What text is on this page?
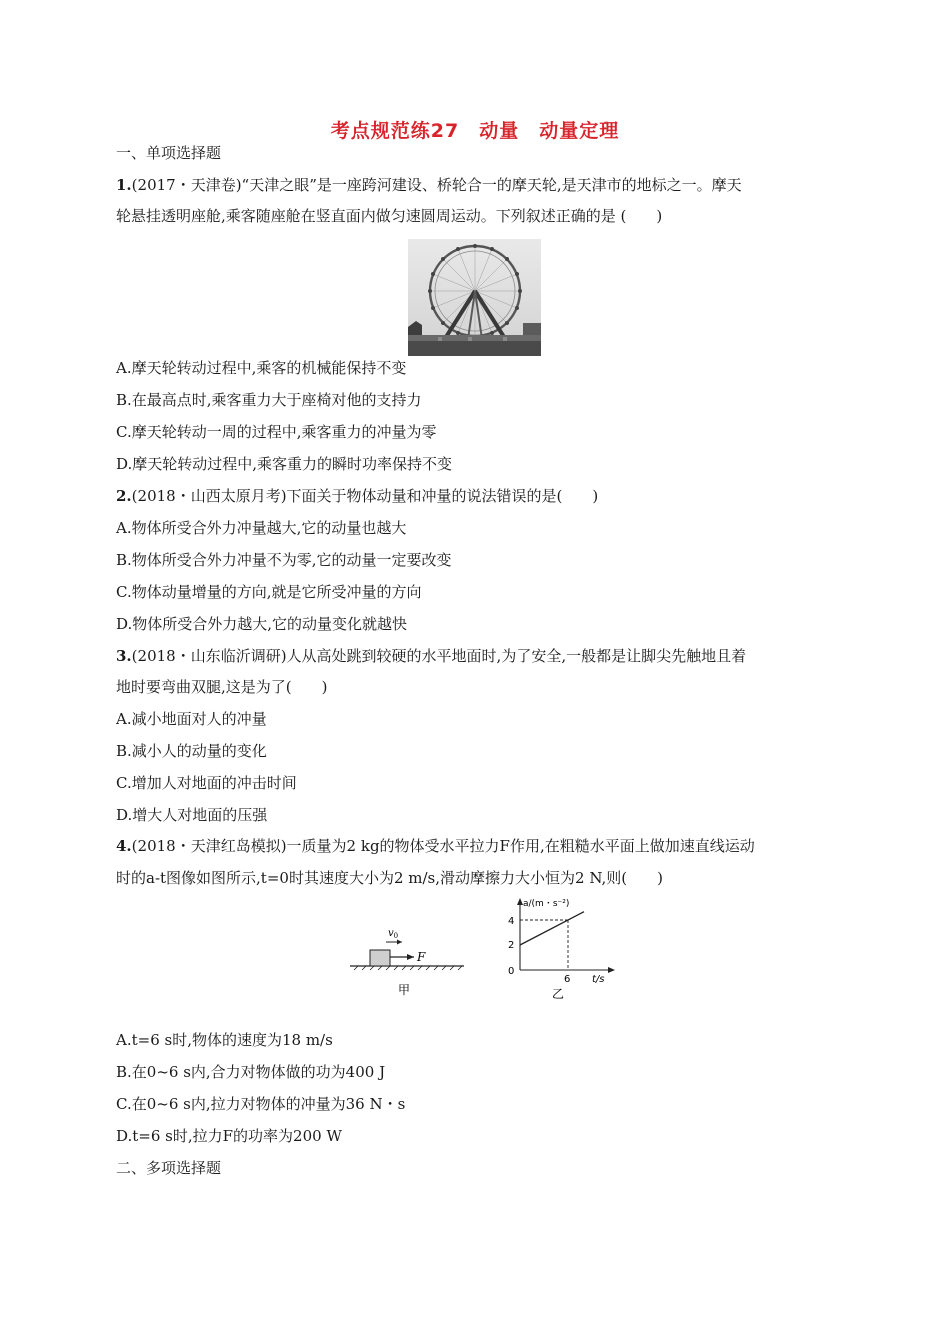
考点规范练27　动量　动量定理
一、单项选择题
1.(2017・天津卷)“天津之眼”是一座跨河建设、桥轮合一的摩天轮,是天津市的地标之一。摩天
轮悬挂透明座舱,乘客随座舱在竖直面内做匀速圆周运动。下列叙述正确的是 (　　)
A.摩天轮转动过程中,乘客的机械能保持不变
B.在最高点时,乘客重力大于座椅对他的支持力
C.摩天轮转动一周的过程中,乘客重力的冲量为零
D.摩天轮转动过程中,乘客重力的瞬时功率保持不变
2.(2018・山西太原月考)下面关于物体动量和冲量的说法错误的是(　　)
A.物体所受合外力冲量越大,它的动量也越大
B.物体所受合外力冲量不为零,它的动量一定要改变
C.物体动量增量的方向,就是它所受冲量的方向
D.物体所受合外力越大,它的动量变化就越快
3.(2018・山东临沂调研)人从高处跳到较硬的水平地面时,为了安全,一般都是让脚尖先触地且着
地时要弯曲双腿,这是为了(　　)
A.减小地面对人的冲量
B.减小人的动量的变化
C.增加人对地面的冲击时间
D.增大人对地面的压强
4.(2018・天津红岛模拟)一质量为2 kg的物体受水平拉力F作用,在粗糙水平面上做加速直线运动
时的a-t图像如图所示,t=0时其速度大小为2 m/s,滑动摩擦力大小恒为2 N,则(　　)
F
$v_0$
甲
a/(m・s⁻²)
t/s
4
2
0
6
乙
A.t=6 s时,物体的速度为18 m/s
B.在0~6 s内,合力对物体做的功为400 J
C.在0~6 s内,拉力对物体的冲量为36 N・s
D.t=6 s时,拉力F的功率为200 W
二、多项选择题
